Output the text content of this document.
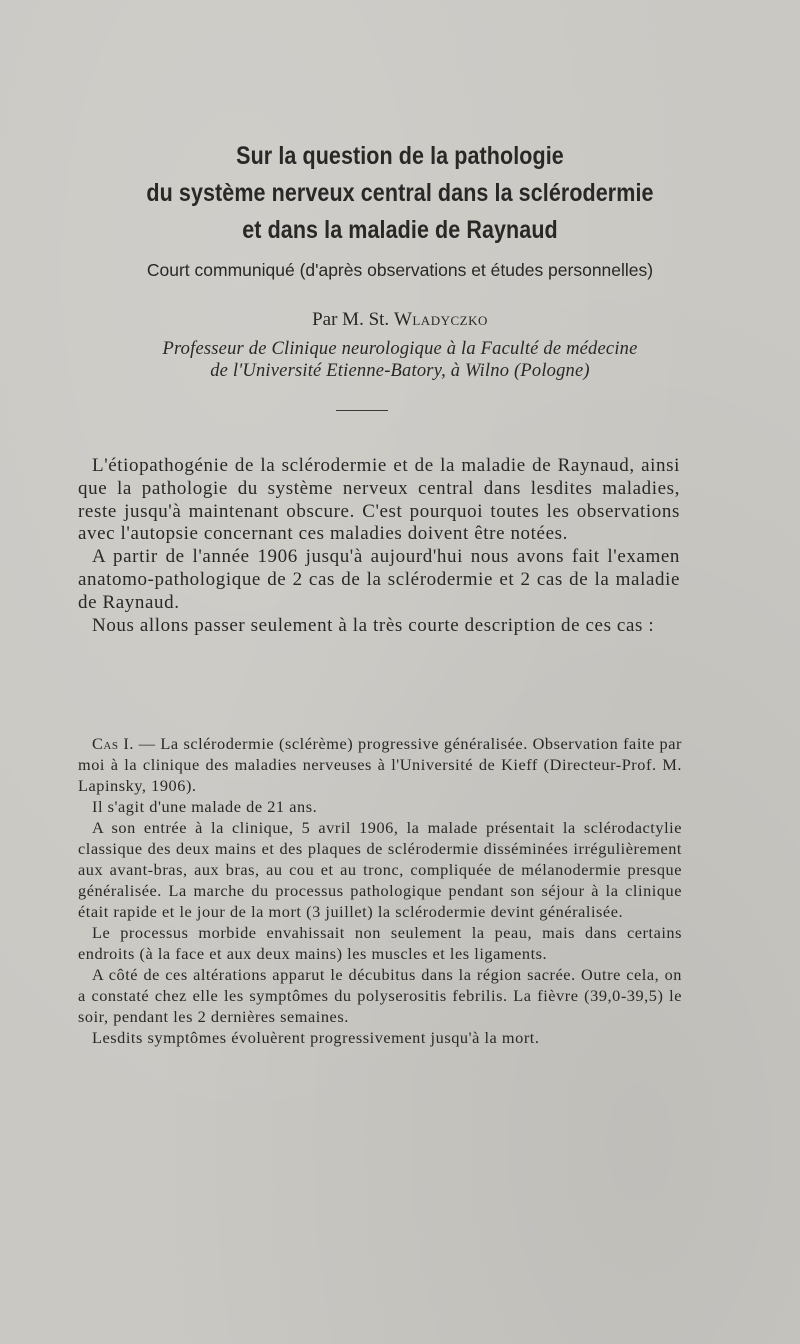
Sur la question de la pathologie
du système nerveux central dans la sclérodermie
et dans la maladie de Raynaud
Court communiqué (d'après observations et études personnelles)
Par M. St. Wladyczko
Professeur de Clinique neurologique à la Faculté de médecine
de l'Université Etienne-Batory, à Wilno (Pologne)

L'étiopathogénie de la sclérodermie et de la maladie de Raynaud, ainsi que la pathologie du système nerveux central dans lesdites maladies, reste jusqu'à maintenant obscure. C'est pourquoi toutes les observations avec l'autopsie concernant ces maladies doivent être notées.

A partir de l'année 1906 jusqu'à aujourd'hui nous avons fait l'examen anatomo-pathologique de 2 cas de la sclérodermie et 2 cas de la maladie de Raynaud.

Nous allons passer seulement à la très courte description de ces cas :

Cas I. — La sclérodermie (sclérème) progressive généralisée. Observation faite par moi à la clinique des maladies nerveuses à l'Université de Kieff (Directeur-Prof. M. Lapinsky, 1906).

Il s'agit d'une malade de 21 ans.

A son entrée à la clinique, 5 avril 1906, la malade présentait la sclérodactylie classique des deux mains et des plaques de sclérodermie disséminées irrégulièrement aux avant-bras, aux bras, au cou et au tronc, compliquée de mélanodermie presque généralisée. La marche du processus pathologique pendant son séjour à la clinique était rapide et le jour de la mort (3 juillet) la sclérodermie devint généralisée.

Le processus morbide envahissait non seulement la peau, mais dans certains endroits (à la face et aux deux mains) les muscles et les ligaments.

A côté de ces altérations apparut le décubitus dans la région sacrée. Outre cela, on a constaté chez elle les symptômes du polyserositis febrilis. La fièvre (39,0-39,5) le soir, pendant les 2 dernières semaines.

Lesdits symptômes évoluèrent progressivement jusqu'à la mort.
